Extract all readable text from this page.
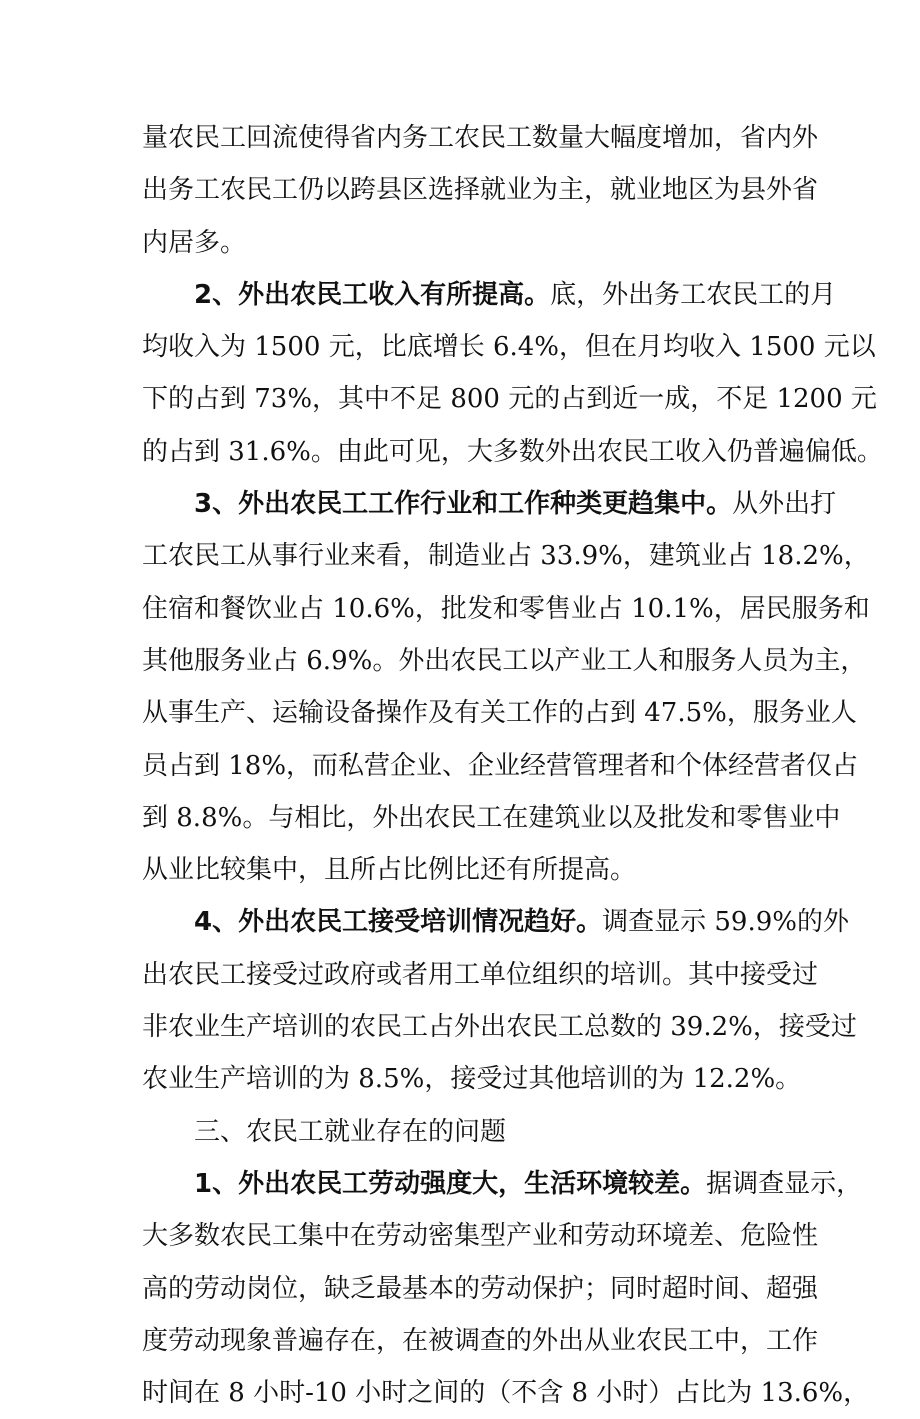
量农民工回流使得省内务工农民工数量大幅度增加，省内外
出务工农民工仍以跨县区选择就业为主，就业地区为县外省
内居多。
2、外出农民工收入有所提高。底，外出务工农民工的月
均收入为 1500 元，比底增长 6.4%，但在月均收入 1500 元以
下的占到 73%，其中不足 800 元的占到近一成，不足 1200 元
的占到 31.6%。由此可见，大多数外出农民工收入仍普遍偏低。
3、外出农民工工作行业和工作种类更趋集中。从外出打
工农民工从事行业来看，制造业占 33.9%，建筑业占 18.2%，
住宿和餐饮业占 10.6%，批发和零售业占 10.1%，居民服务和
其他服务业占 6.9%。外出农民工以产业工人和服务人员为主，
从事生产、运输设备操作及有关工作的占到 47.5%，服务业人
员占到 18%，而私营企业、企业经营管理者和个体经营者仅占
到 8.8%。与相比，外出农民工在建筑业以及批发和零售业中
从业比较集中，且所占比例比还有所提高。
4、外出农民工接受培训情况趋好。调查显示 59.9%的外
出农民工接受过政府或者用工单位组织的培训。其中接受过
非农业生产培训的农民工占外出农民工总数的 39.2%，接受过
农业生产培训的为 8.5%，接受过其他培训的为 12.2%。
三、农民工就业存在的问题
1、外出农民工劳动强度大，生活环境较差。据调查显示，
大多数农民工集中在劳动密集型产业和劳动环境差、危险性
高的劳动岗位，缺乏最基本的劳动保护；同时超时间、超强
度劳动现象普遍存在，在被调查的外出从业农民工中，工作
时间在 8 小时-10 小时之间的（不含 8 小时）占比为 13.6%，
